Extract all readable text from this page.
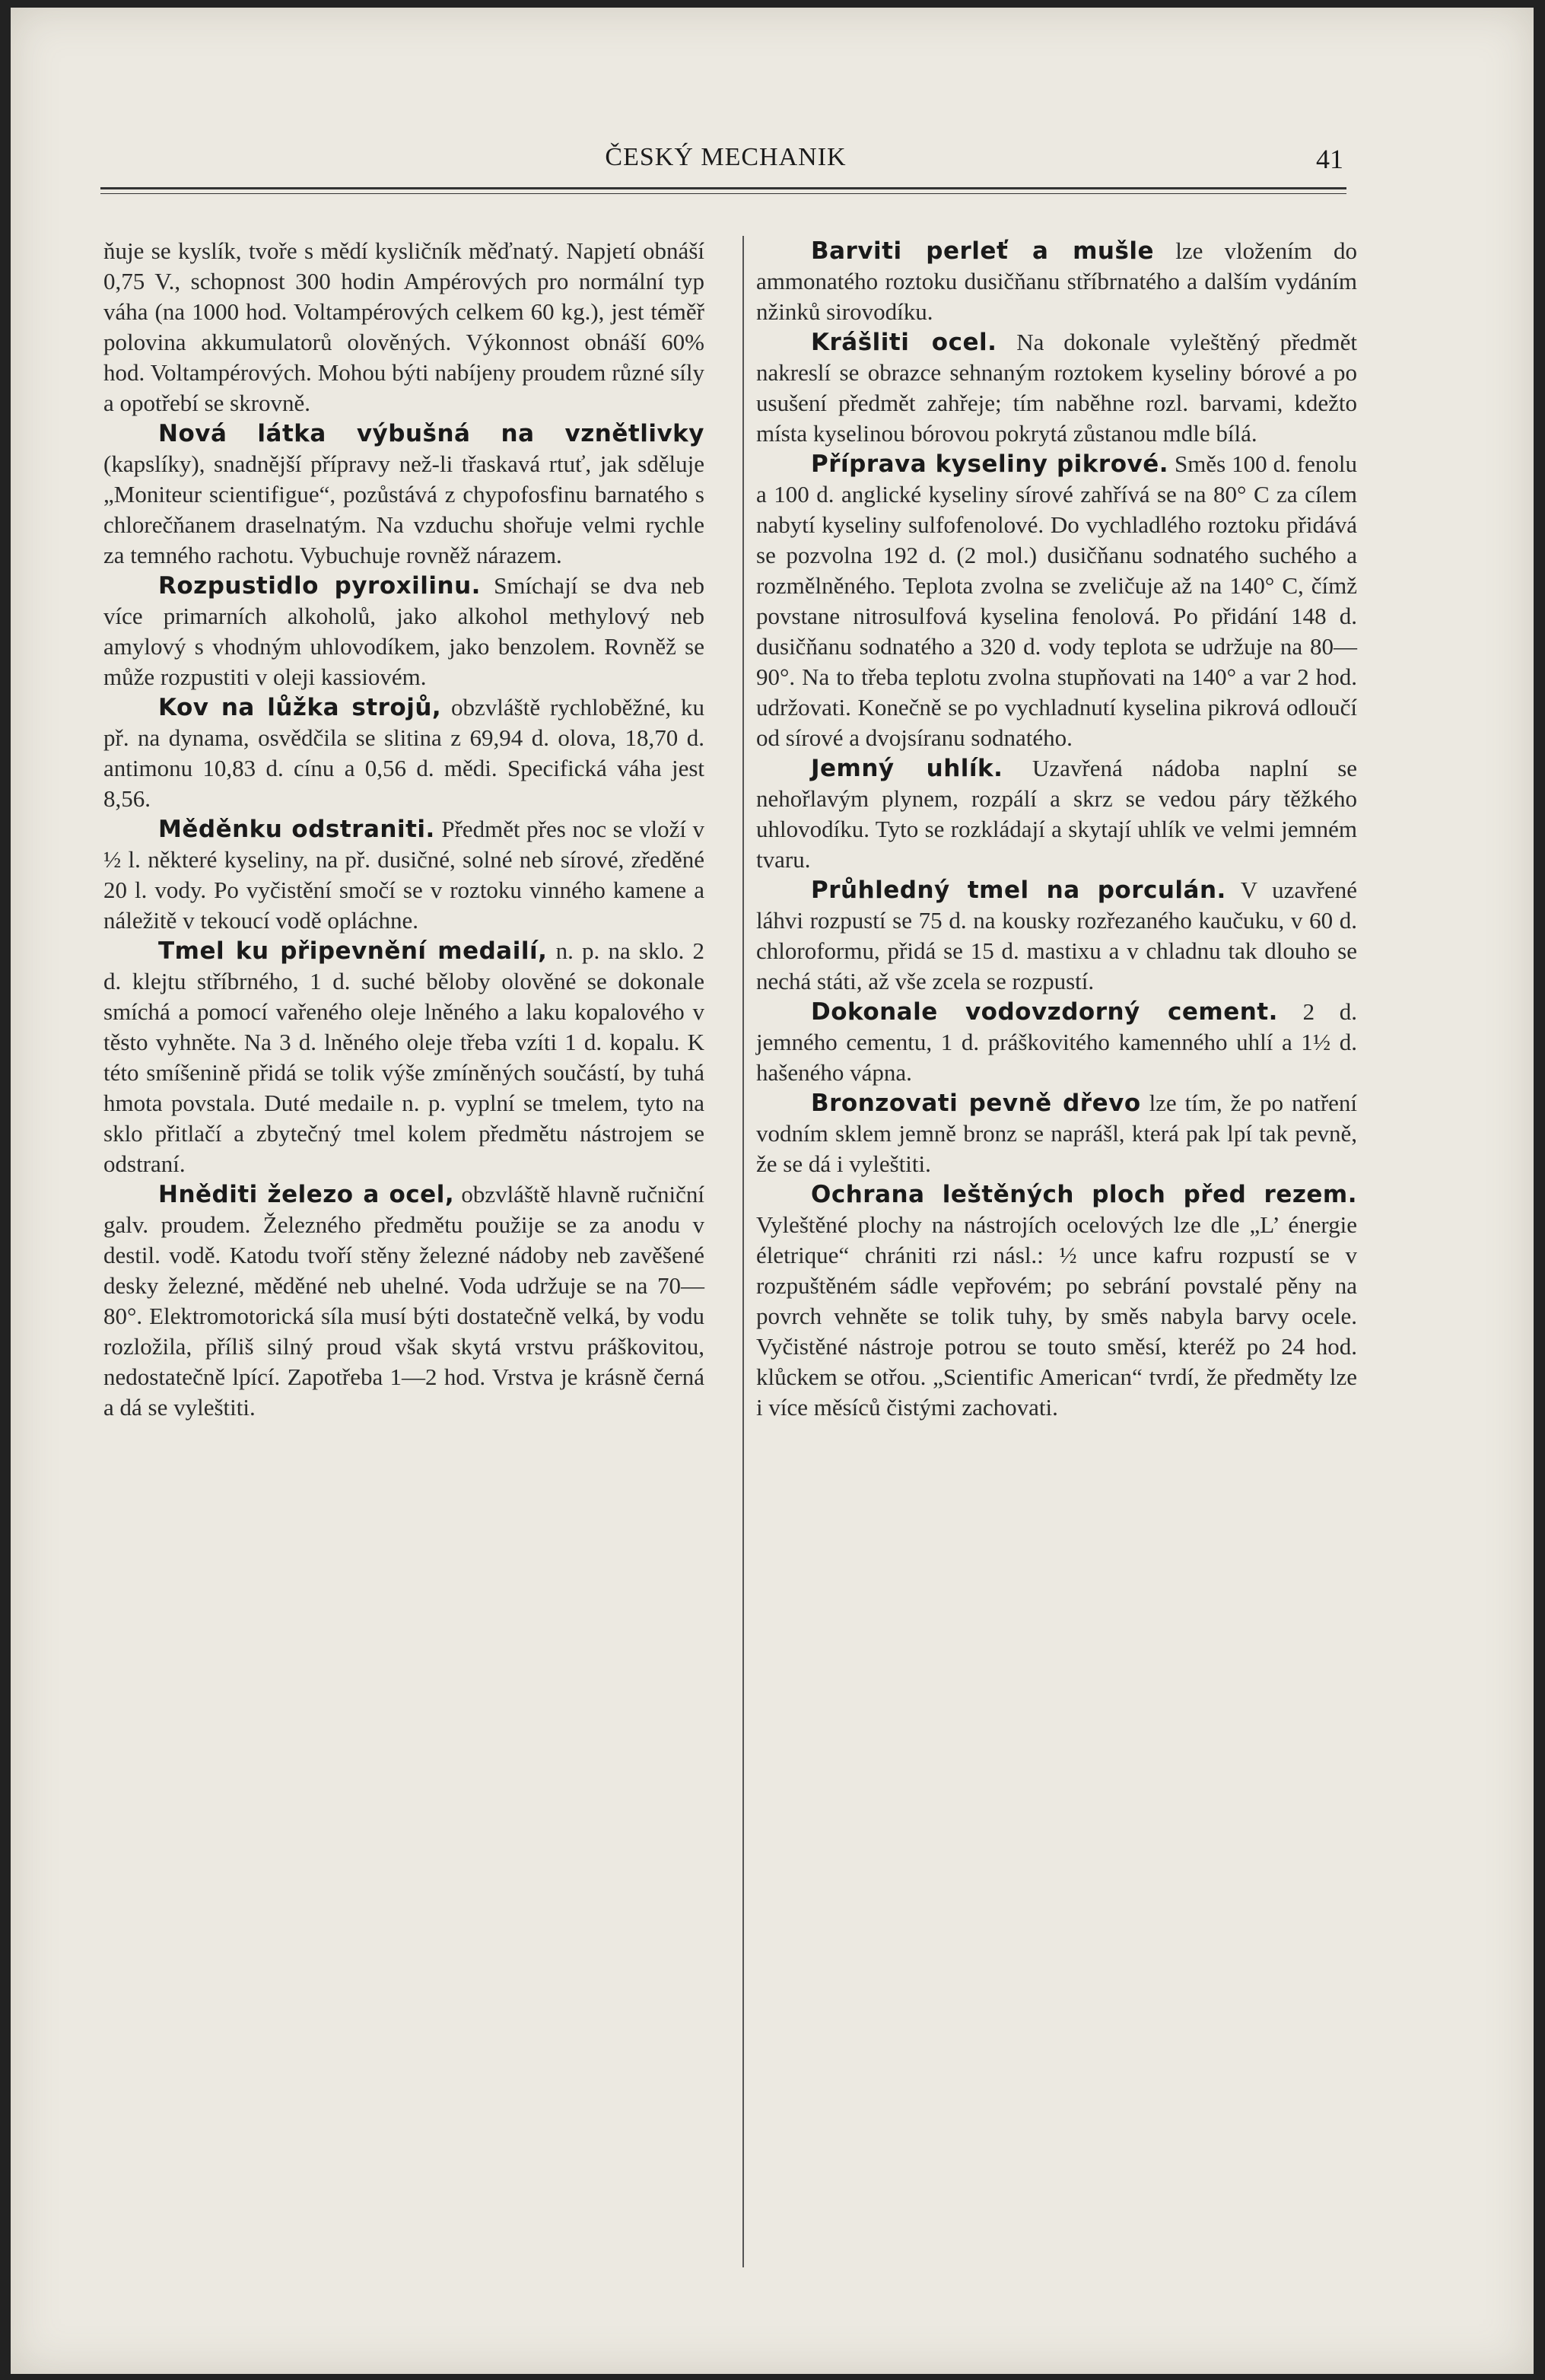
ČESKÝ MECHANIK	41

ňuje se kyslík, tvoře s mědí kysličník měďnatý. Napjetí obnáší 0,75 V., schopnost 300 hodin Ampérových pro normální typ váha (na 1000 hod. Voltampérových celkem 60 kg.), jest téměř polovina akkumulatorů olověných. Výkonnost obnáší 60% hod. Voltampérových. Mohou býti nabíjeny proudem různé síly a opotřebí se skrovně.

Nová látka výbušná na vznětlivky (kapslíky), snadnější přípravy než-li třaskavá rtuť, jak sděluje „Moniteur scientifigue“, pozůstává z chypofosfinu barnatého s chlorečňanem draselnatým. Na vzduchu shořuje velmi rychle za temného rachotu. Vybuchuje rovněž nárazem.

Rozpustidlo pyroxilinu. Smíchají se dva neb více primarních alkoholů, jako alkohol methylový neb amylový s vhodným uhlovodíkem, jako benzolem. Rovněž se může rozpustiti v oleji kassiovém.

Kov na lůžka strojů, obzvláště rychloběžné, ku př. na dynama, osvědčila se slitina z 69,94 d. olova, 18,70 d. antimonu 10,83 d. cínu a 0,56 d. mědi. Specifická váha jest 8,56.

Měděnku odstraniti. Předmět přes noc se vloží v ½ l. některé kyseliny, na př. dusičné, solné neb sírové, zředěné 20 l. vody. Po vyčistění smočí se v roztoku vinného kamene a náležitě v tekoucí vodě opláchne.

Tmel ku připevnění medailí, n. p. na sklo. 2 d. klejtu stříbrného, 1 d. suché běloby olověné se dokonale smíchá a pomocí vařeného oleje lněného a laku kopalového v těsto vyhněte. Na 3 d. lněného oleje třeba vzíti 1 d. kopalu. K této smíšenině přidá se tolik výše zmíněných součástí, by tuhá hmota povstala. Duté medaile n. p. vyplní se tmelem, tyto na sklo přitlačí a zbytečný tmel kolem předmětu nástrojem se odstraní.

Hněditi železo a ocel, obzvláště hlavně ručniční galv. proudem. Železného předmětu použije se za anodu v destil. vodě. Katodu tvoří stěny železné nádoby neb zavěšené desky železné, měděné neb uhelné. Voda udržuje se na 70—80°. Elektromotorická síla musí býti dostatečně velká, by vodu rozložila, příliš silný proud však skytá vrstvu práškovitou, nedostatečně lpící. Zapotřeba 1—2 hod. Vrstva je krásně černá a dá se vyleštiti.

Barviti perleť a mušle lze vložením do ammonatého roztoku dusičňanu stříbrnatého a dalším vydáním nžinků sirovodíku.

Krášliti ocel. Na dokonale vyleštěný předmět nakreslí se obrazce sehnaným roztokem kyseliny bórové a po usušení předmět zahřeje; tím naběhne rozl. barvami, kdežto místa kyselinou bórovou pokrytá zůstanou mdle bílá.

Příprava kyseliny pikrové. Směs 100 d. fenolu a 100 d. anglické kyseliny sírové zahřívá se na 80° C za cílem nabytí kyseliny sulfofenolové. Do vychladlého roztoku přidává se pozvolna 192 d. (2 mol.) dusičňanu sodnatého suchého a rozmělněného. Teplota zvolna se zveličuje až na 140° C, čímž povstane nitrosulfová kyselina fenolová. Po přidání 148 d. dusičňanu sodnatého a 320 d. vody teplota se udržuje na 80—90°. Na to třeba teplotu zvolna stupňovati na 140° a var 2 hod. udržovati. Konečně se po vychladnutí kyselina pikrová odloučí od sírové a dvojsíranu sodnatého.

Jemný uhlík. Uzavřená nádoba naplní se nehořlavým plynem, rozpálí a skrz se vedou páry těžkého uhlovodíku. Tyto se rozkládají a skytají uhlík ve velmi jemném tvaru.

Průhledný tmel na porculán. V uzavřené láhvi rozpustí se 75 d. na kousky rozřezaného kaučuku, v 60 d. chloroformu, přidá se 15 d. mastixu a v chladnu tak dlouho se nechá státi, až vše zcela se rozpustí.

Dokonale vodovzdorný cement. 2 d. jemného cementu, 1 d. práškovitého kamenného uhlí a 1½ d. hašeného vápna.

Bronzovati pevně dřevo lze tím, že po natření vodním sklem jemně bronz se naprášl, která pak lpí tak pevně, že se dá i vyleštiti.

Ochrana leštěných ploch před rezem. Vyleštěné plochy na nástrojích ocelových lze dle „L’ énergie életrique“ chrániti rzi násl.: ½ unce kafru rozpustí se v rozpuštěném sádle vepřovém; po sebrání povstalé pěny na povrch vehněte se tolik tuhy, by směs nabyla barvy ocele. Vyčistěné nástroje potrou se touto směsí, kteréž po 24 hod. klůckem se otřou. „Scientific American“ tvrdí, že předměty lze i více měsíců čistými zachovati.
